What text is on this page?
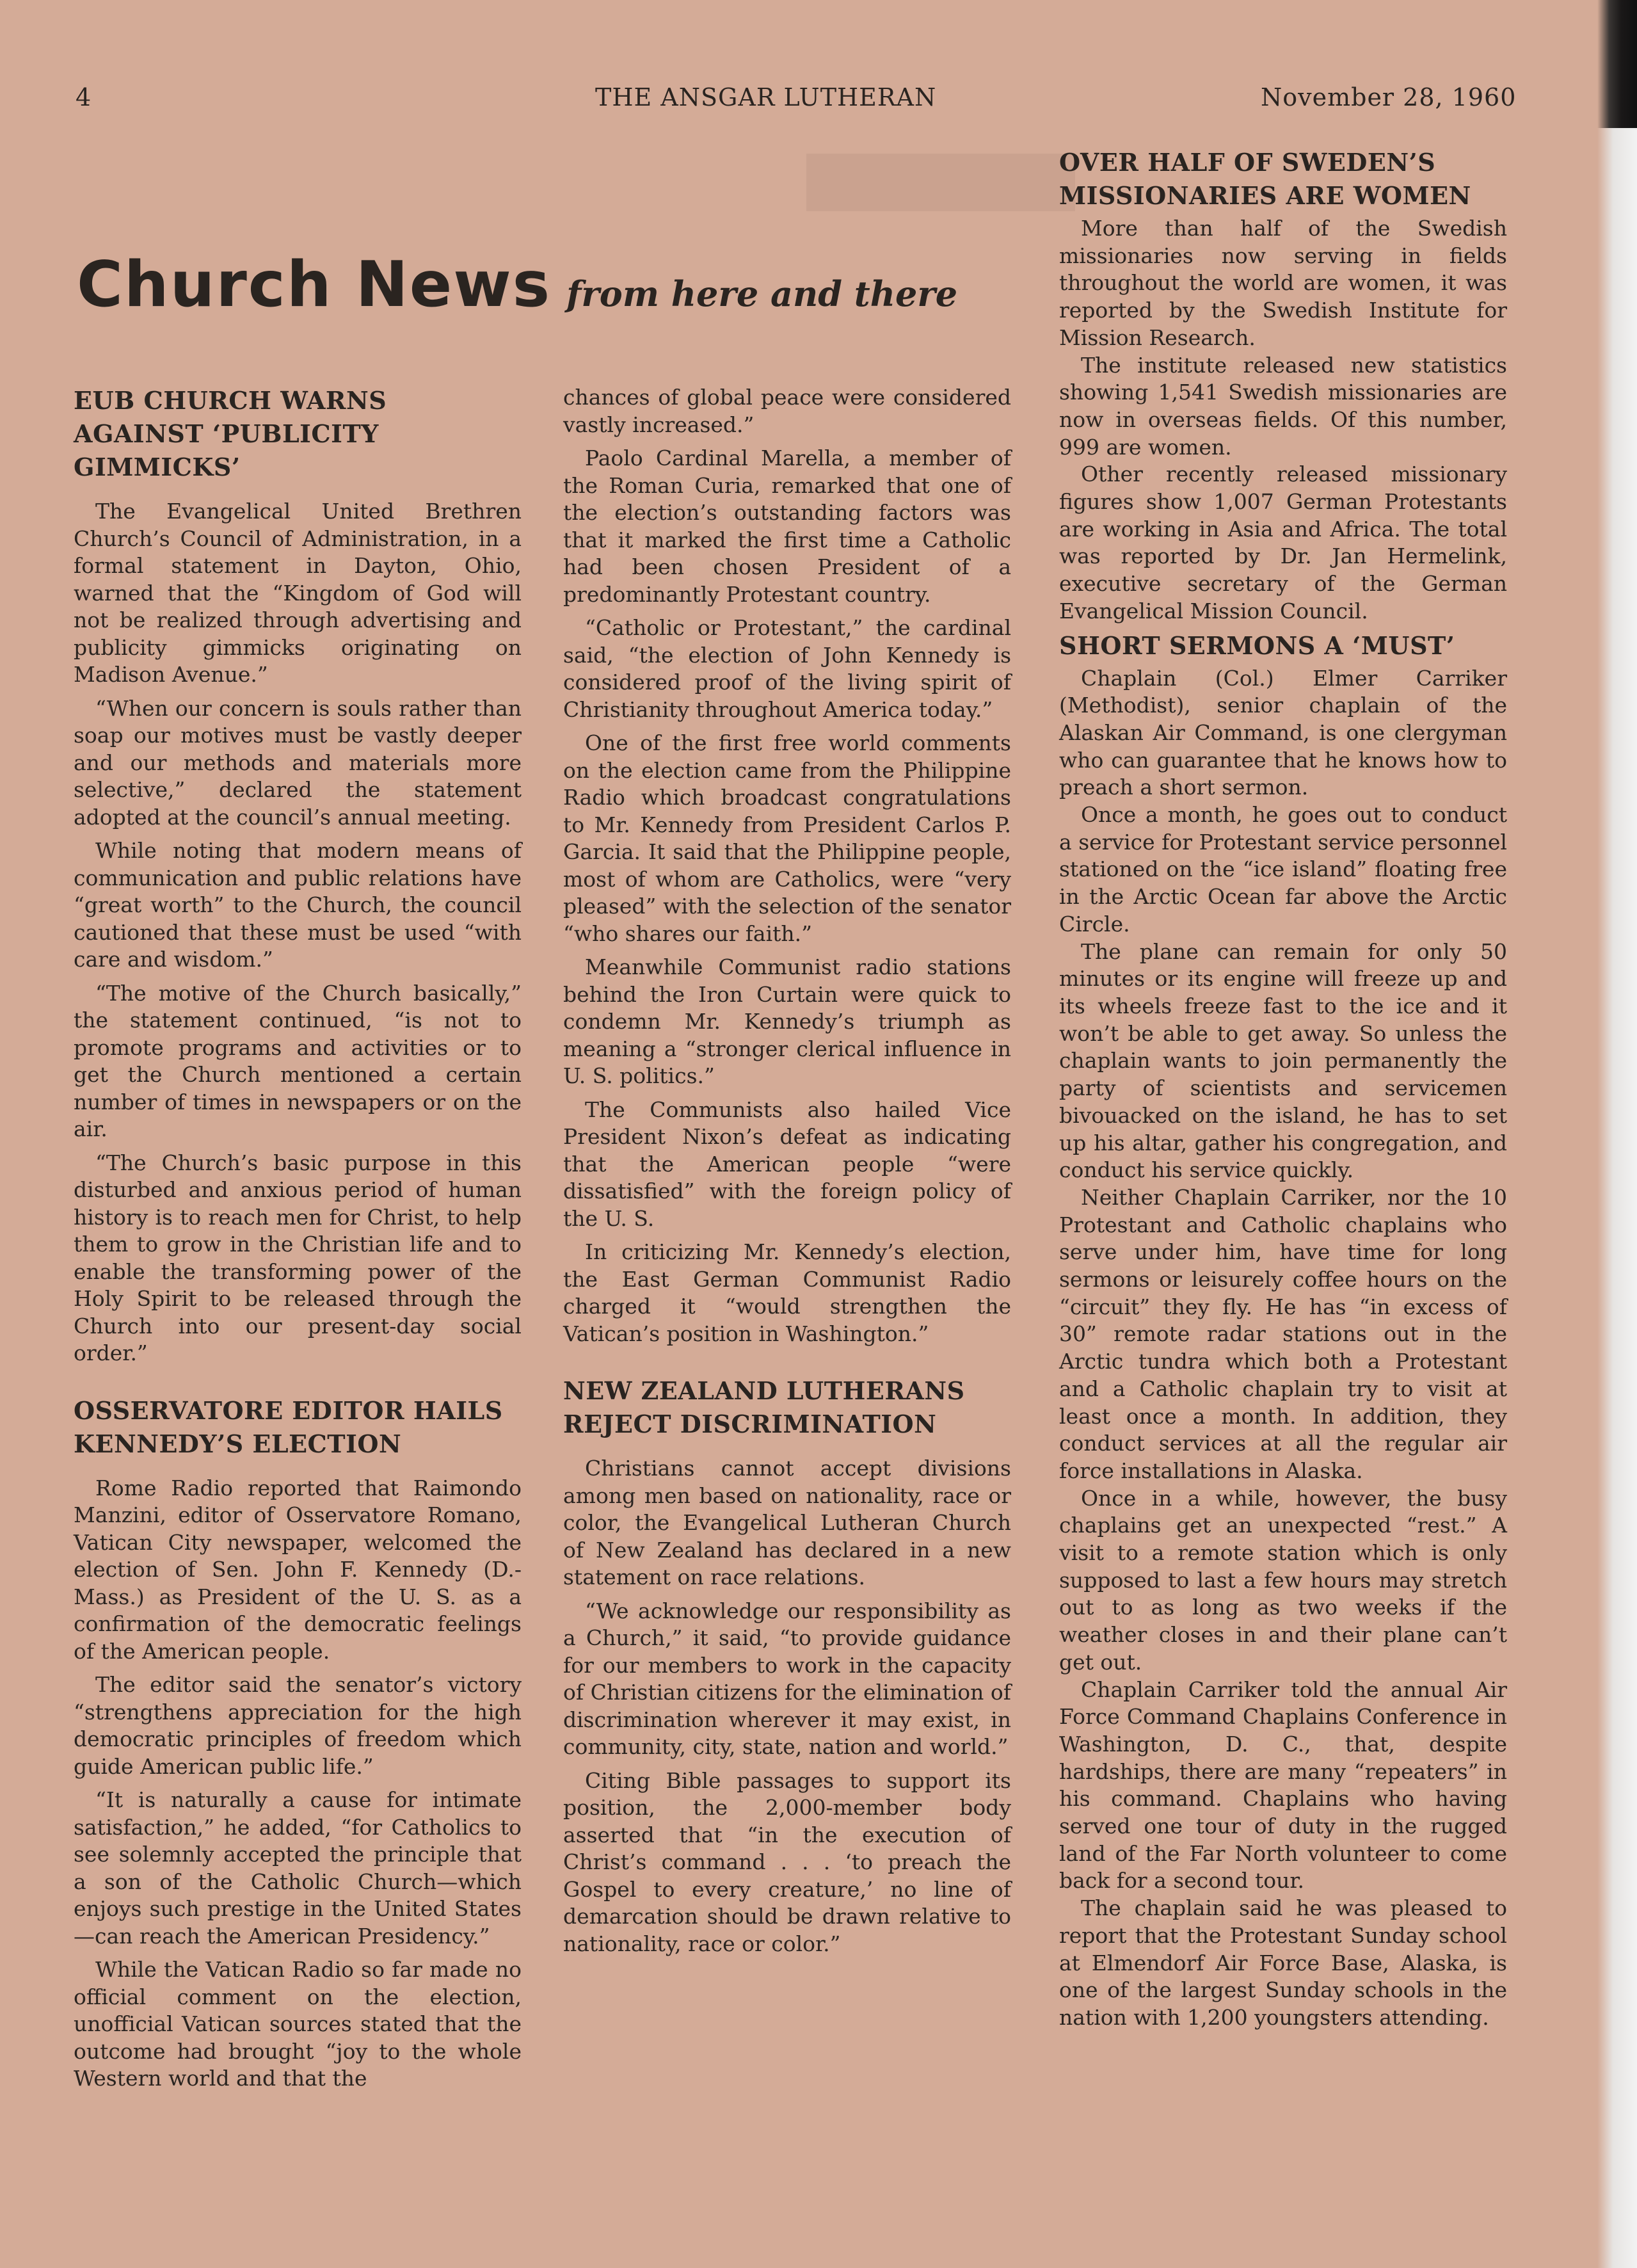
4	THE ANSGAR LUTHERAN	November 28, 1960
Church News from here and there
EUB CHURCH WARNS AGAINST ‘PUBLICITY GIMMICKS’

The Evangelical United Brethren Church’s Council of Administration, in a formal statement in Dayton, Ohio, warned that the “Kingdom of God will not be realized through advertising and publicity gimmicks originating on Madison Avenue.”

“When our concern is souls rather than soap our motives must be vastly deeper and our methods and materials more selective,” declared the statement adopted at the council’s annual meeting.

While noting that modern means of communication and public relations have “great worth” to the Church, the council cautioned that these must be used “with care and wisdom.”

“The motive of the Church basically,” the statement continued, “is not to promote programs and activities or to get the Church mentioned a certain number of times in newspapers or on the air.

“The Church’s basic purpose in this disturbed and anxious period of human history is to reach men for Christ, to help them to grow in the Christian life and to enable the transforming power of the Holy Spirit to be released through the Church into our present-day social order.”

OSSERVATORE EDITOR HAILS KENNEDY’S ELECTION

Rome Radio reported that Raimondo Manzini, editor of Osservatore Romano, Vatican City newspaper, welcomed the election of Sen. John F. Kennedy (D.-Mass.) as President of the U. S. as a confirmation of the democratic feelings of the American people.

The editor said the senator’s victory “strengthens appreciation for the high democratic principles of freedom which guide American public life.”

“It is naturally a cause for intimate satisfaction,” he added, “for Catholics to see solemnly accepted the principle that a son of the Catholic Church—which enjoys such prestige in the United States—can reach the American Presidency.”

While the Vatican Radio so far made no official comment on the election, unofficial Vatican sources stated that the outcome had brought “joy to the whole Western world and that the

chances of global peace were considered vastly increased.”

Paolo Cardinal Marella, a member of the Roman Curia, remarked that one of the election’s outstanding factors was that it marked the first time a Catholic had been chosen President of a predominantly Protestant country.

“Catholic or Protestant,” the cardinal said, “the election of John Kennedy is considered proof of the living spirit of Christianity throughout America today.”

One of the first free world comments on the election came from the Philippine Radio which broadcast congratulations to Mr. Kennedy from President Carlos P. Garcia. It said that the Philippine people, most of whom are Catholics, were “very pleased” with the selection of the senator “who shares our faith.”

Meanwhile Communist radio stations behind the Iron Curtain were quick to condemn Mr. Kennedy’s triumph as meaning a “stronger clerical influence in U. S. politics.”

The Communists also hailed Vice President Nixon’s defeat as indicating that the American people “were dissatisfied” with the foreign policy of the U. S.

In criticizing Mr. Kennedy’s election, the East German Communist Radio charged it “would strengthen the Vatican’s position in Washington.”

NEW ZEALAND LUTHERANS REJECT DISCRIMINATION

Christians cannot accept divisions among men based on nationality, race or color, the Evangelical Lutheran Church of New Zealand has declared in a new statement on race relations.

“We acknowledge our responsibility as a Church,” it said, “to provide guidance for our members to work in the capacity of Christian citizens for the elimination of discrimination wherever it may exist, in community, city, state, nation and world.”

Citing Bible passages to support its position, the 2,000-member body asserted that “in the execution of Christ’s command . . . ‘to preach the Gospel to every creature,’ no line of demarcation should be drawn relative to nationality, race or color.”

OVER HALF OF SWEDEN’S MISSIONARIES ARE WOMEN

More than half of the Swedish missionaries now serving in fields throughout the world are women, it was reported by the Swedish Institute for Mission Research.

The institute released new statistics showing 1,541 Swedish missionaries are now in overseas fields. Of this number, 999 are women.

Other recently released missionary figures show 1,007 German Protestants are working in Asia and Africa. The total was reported by Dr. Jan Hermelink, executive secretary of the German Evangelical Mission Council.

SHORT SERMONS A ‘MUST’

Chaplain (Col.) Elmer Carriker (Methodist), senior chaplain of the Alaskan Air Command, is one clergyman who can guarantee that he knows how to preach a short sermon.

Once a month, he goes out to conduct a service for Protestant service personnel stationed on the “ice island” floating free in the Arctic Ocean far above the Arctic Circle.

The plane can remain for only 50 minutes or its engine will freeze up and its wheels freeze fast to the ice and it won’t be able to get away. So unless the chaplain wants to join permanently the party of scientists and servicemen bivouacked on the island, he has to set up his altar, gather his congregation, and conduct his service quickly.

Neither Chaplain Carriker, nor the 10 Protestant and Catholic chaplains who serve under him, have time for long sermons or leisurely coffee hours on the “circuit” they fly. He has “in excess of 30” remote radar stations out in the Arctic tundra which both a Protestant and a Catholic chaplain try to visit at least once a month. In addition, they conduct services at all the regular air force installations in Alaska.

Once in a while, however, the busy chaplains get an unexpected “rest.” A visit to a remote station which is only supposed to last a few hours may stretch out to as long as two weeks if the weather closes in and their plane can’t get out.

Chaplain Carriker told the annual Air Force Command Chaplains Conference in Washington, D. C., that, despite hardships, there are many “repeaters” in his command. Chaplains who having served one tour of duty in the rugged land of the Far North volunteer to come back for a second tour.

The chaplain said he was pleased to report that the Protestant Sunday school at Elmendorf Air Force Base, Alaska, is one of the largest Sunday schools in the nation with 1,200 youngsters attending.
